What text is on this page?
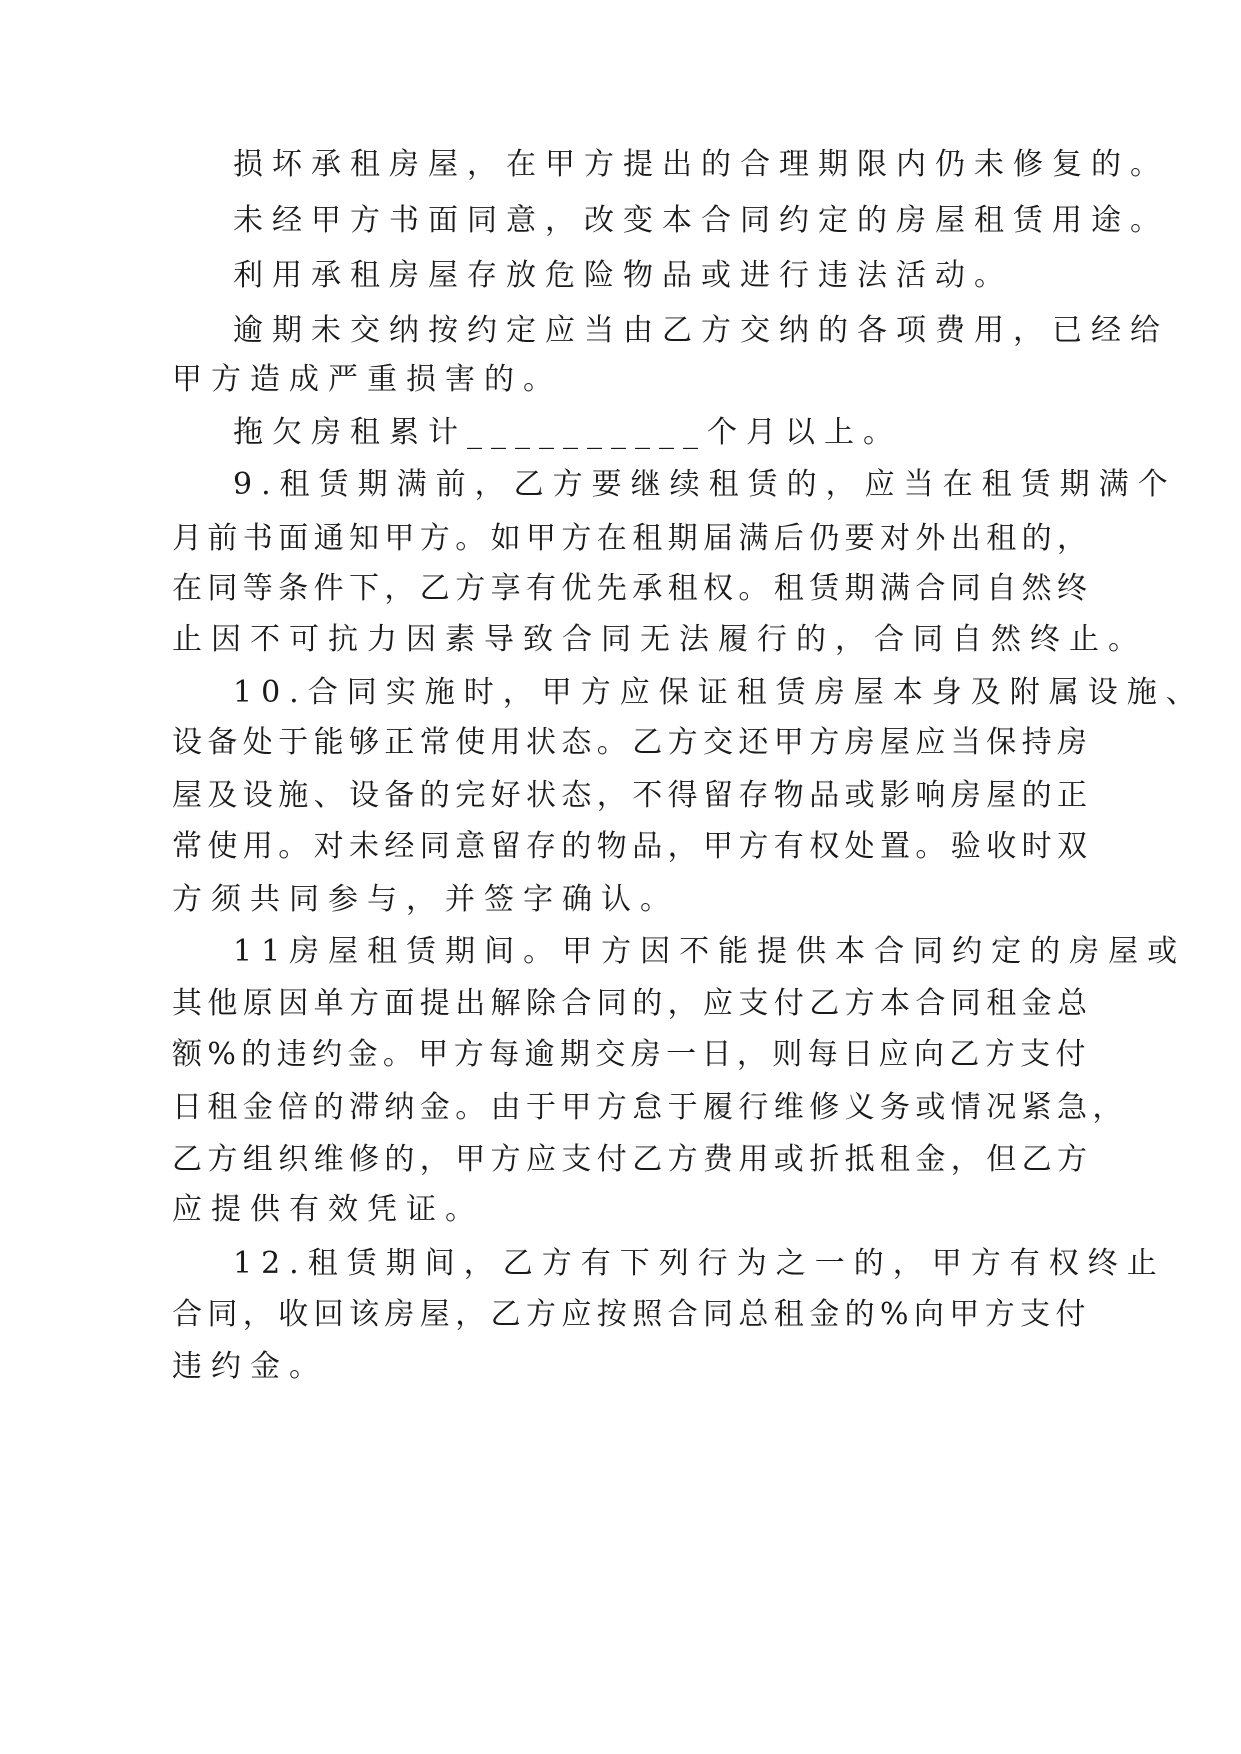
损坏承租房屋，在甲方提出的合理期限内仍未修复的。
未经甲方书面同意，改变本合同约定的房屋租赁用途。
利用承租房屋存放危险物品或进行违法活动。
逾期未交纳按约定应当由乙方交纳的各项费用，已经给
甲方造成严重损害的。
拖欠房租累计__________个月以上。
9.租赁期满前，乙方要继续租赁的，应当在租赁期满个
月前书面通知甲方。如甲方在租期届满后仍要对外出租的，
在同等条件下，乙方享有优先承租权。租赁期满合同自然终
止因不可抗力因素导致合同无法履行的，合同自然终止。
10.合同实施时，甲方应保证租赁房屋本身及附属设施、
设备处于能够正常使用状态。乙方交还甲方房屋应当保持房
屋及设施、设备的完好状态，不得留存物品或影响房屋的正
常使用。对未经同意留存的物品，甲方有权处置。验收时双
方须共同参与，并签字确认。
11房屋租赁期间。甲方因不能提供本合同约定的房屋或
其他原因单方面提出解除合同的，应支付乙方本合同租金总
额%的违约金。甲方每逾期交房一日，则每日应向乙方支付
日租金倍的滞纳金。由于甲方怠于履行维修义务或情况紧急，
乙方组织维修的，甲方应支付乙方费用或折抵租金，但乙方
应提供有效凭证。
12.租赁期间，乙方有下列行为之一的，甲方有权终止
合同，收回该房屋，乙方应按照合同总租金的%向甲方支付
违约金。
